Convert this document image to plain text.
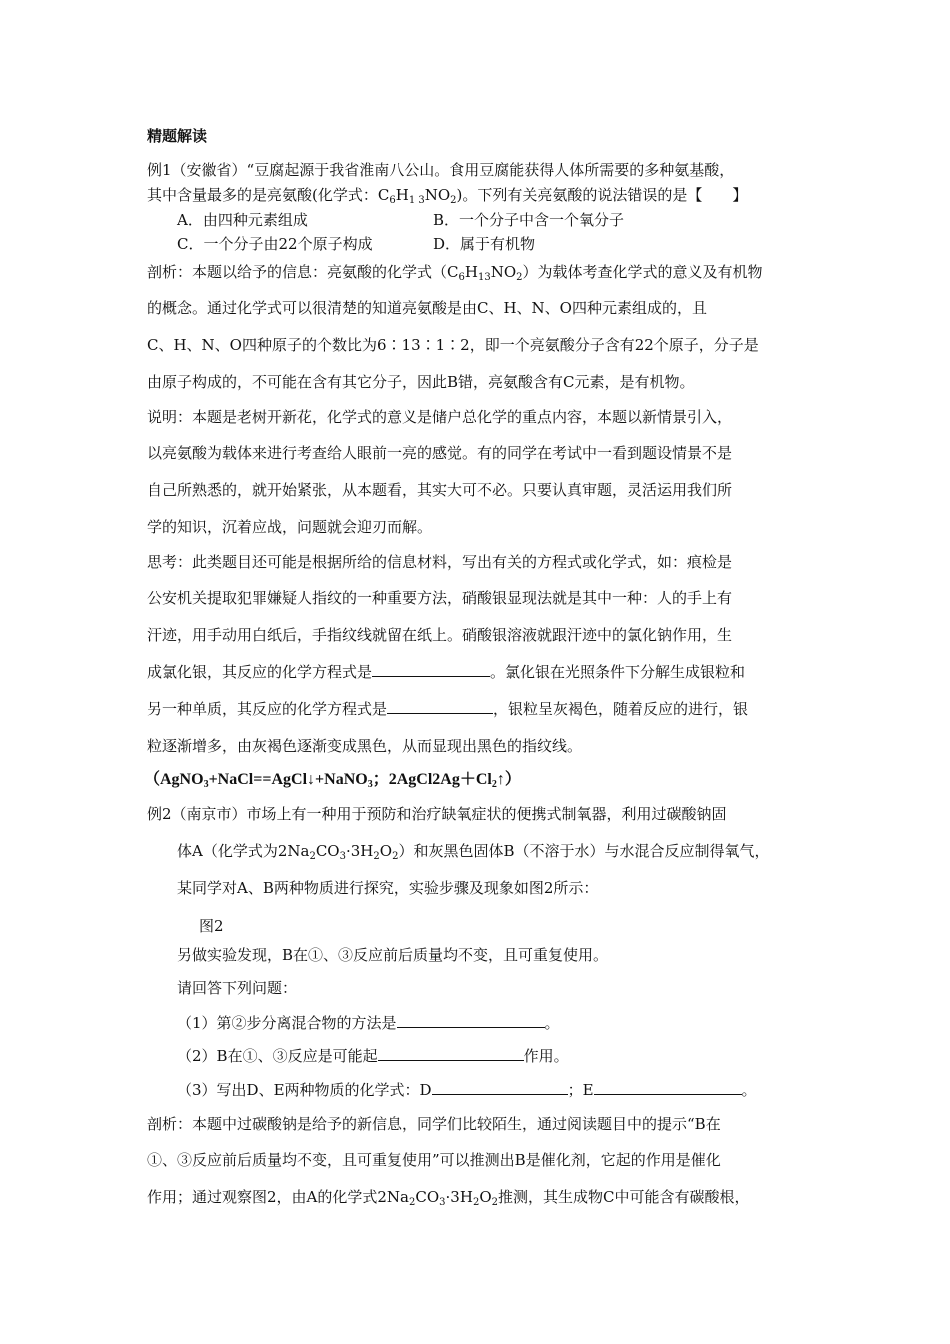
精题解读
例1（安徽省）“豆腐起源于我省淮南八公山。食用豆腐能获得人体所需要的多种氨基酸，
其中含量最多的是亮氨酸(化学式：$C_6H_{1 3}NO_2$)。下列有关亮氨酸的说法错误的是【　　】
A．由四种元素组成	B．一个分子中含一个氧分子
C．一个分子由22个原子构成	D．属于有机物
剖析：本题以给予的信息：亮氨酸的化学式$(C_6H_{13}NO_2)$为载体考查化学式的意义及有机物
的概念。通过化学式可以很清楚的知道亮氨酸是由C、H、N、O四种元素组成的，且
C、H、N、O四种原子的个数比为6∶13∶1∶2，即一个亮氨酸分子含有22个原子，分子是
由原子构成的，不可能在含有其它分子，因此B错，亮氨酸含有C元素，是有机物。
说明：本题是老树开新花，化学式的意义是储户总化学的重点内容，本题以新情景引入，
以亮氨酸为载体来进行考查给人眼前一亮的感觉。有的同学在考试中一看到题设情景不是
自己所熟悉的，就开始紧张，从本题看，其实大可不必。只要认真审题，灵活运用我们所
学的知识，沉着应战，问题就会迎刃而解。
思考：此类题目还可能是根据所给的信息材料，写出有关的方程式或化学式，如：痕检是
公安机关提取犯罪嫌疑人指纹的一种重要方法，硝酸银显现法就是其中一种：人的手上有
汗迹，用手动用白纸后，手指纹线就留在纸上。硝酸银溶液就跟汗迹中的氯化钠作用，生
成氯化银，其反应的化学方程式是	。氯化银在光照条件下分解生成银粒和
另一种单质，其反应的化学方程式是	，银粒呈灰褐色，随着反应的进行，银
粒逐渐增多，由灰褐色逐渐变成黑色，从而显现出黑色的指纹线。
（AgNO$_3$+NaCl==AgCl↓+NaNO$_3$；$2AgCl2Ag+Cl_2↑$）
例2（南京市）市场上有一种用于预防和治疗缺氧症状的便携式制氧器，利用过碳酸钠固
体A（化学式为$2Na_2CO_3\cdot 3H_2O_2$）和灰黑色固体B（不溶于水）与水混合反应制得氧气，
某同学对A、B两种物质进行探究，实验步骤及现象如图2所示：
图2
另做实验发现，B在①、③反应前后质量均不变，且可重复使用。
请回答下列问题：
（1）第②步分离混合物的方法是	。
（2）B在①、③反应是可能起	作用。
（3）写出D、E两种物质的化学式：D	；E	。
剖析：本题中过碳酸钠是给予的新信息，同学们比较陌生，通过阅读题目中的提示“B在
①、③反应前后质量均不变，且可重复使用”可以推测出B是催化剂，它起的作用是催化
作用；通过观察图2，由A的化学式$2Na_2CO_3\cdot 3H_2O_2$推测，其生成物C中可能含有碳酸根，
